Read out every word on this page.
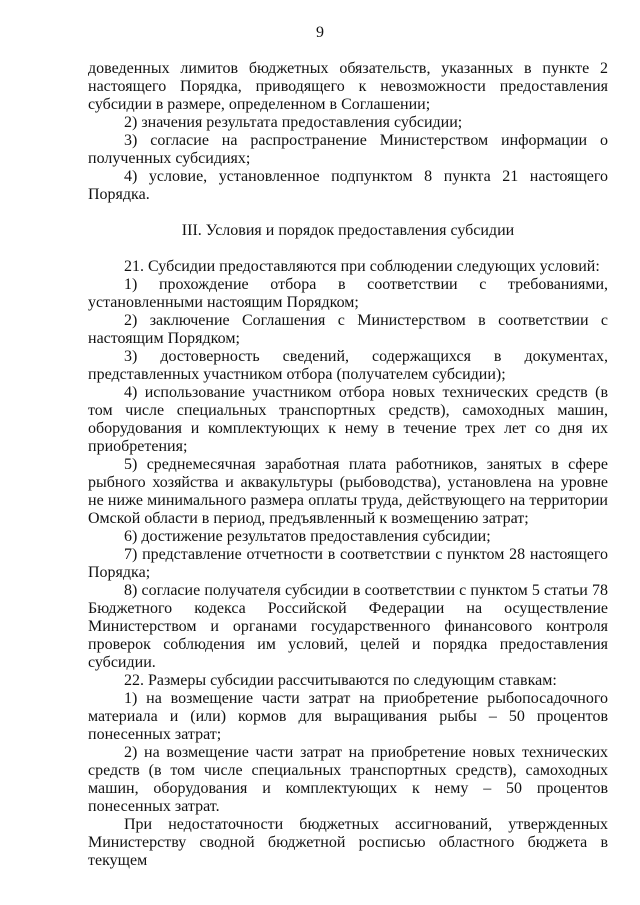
9

доведенных лимитов бюджетных обязательств, указанных в пункте 2 настоящего Порядка, приводящего к невозможности предоставления субсидии в размере, определенном в Соглашении;

2) значения результата предоставления субсидии;

3) согласие на распространение Министерством информации о полученных субсидиях;

4) условие, установленное подпунктом 8 пункта 21 настоящего Порядка.

III. Условия и порядок предоставления субсидии

21. Субсидии предоставляются при соблюдении следующих условий:

1) прохождение отбора в соответствии с требованиями, установленными настоящим Порядком;

2) заключение Соглашения с Министерством в соответствии с настоящим Порядком;

3) достоверность сведений, содержащихся в документах, представленных участником отбора (получателем субсидии);

4) использование участником отбора новых технических средств (в том числе специальных транспортных средств), самоходных машин, оборудования и комплектующих к нему в течение трех лет со дня их приобретения;

5) среднемесячная заработная плата работников, занятых в сфере рыбного хозяйства и аквакультуры (рыбоводства), установлена на уровне не ниже минимального размера оплаты труда, действующего на территории Омской области в период, предъявленный к возмещению затрат;

6) достижение результатов предоставления субсидии;

7) представление отчетности в соответствии с пунктом 28 настоящего Порядка;

8) согласие получателя субсидии в соответствии с пунктом 5 статьи 78 Бюджетного кодекса Российской Федерации на осуществление Министерством и органами государственного финансового контроля проверок соблюдения им условий, целей и порядка предоставления субсидии.

22. Размеры субсидии рассчитываются по следующим ставкам:

1) на возмещение части затрат на приобретение рыбопосадочного материала и (или) кормов для выращивания рыбы – 50 процентов понесенных затрат;

2) на возмещение части затрат на приобретение новых технических средств (в том числе специальных транспортных средств), самоходных машин, оборудования и комплектующих к нему – 50 процентов понесенных затрат.

При недостаточности бюджетных ассигнований, утвержденных Министерству сводной бюджетной росписью областного бюджета в текущем
